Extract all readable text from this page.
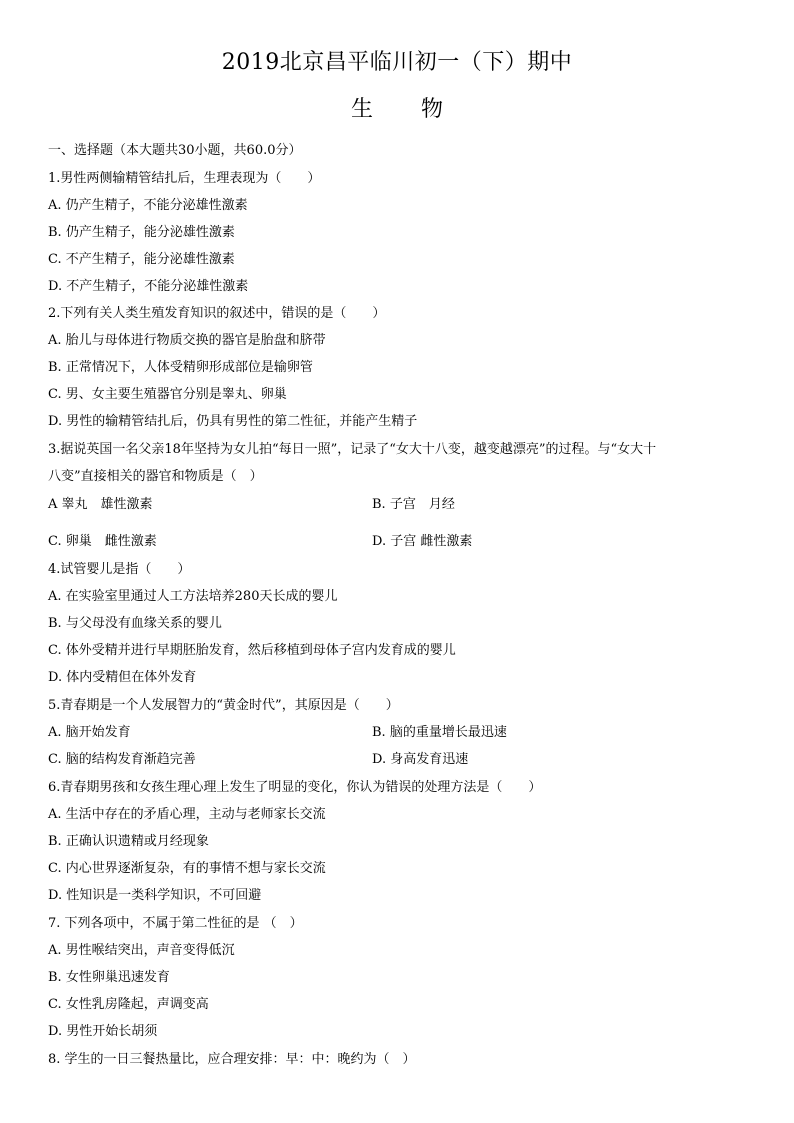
2019北京昌平临川初一（下）期中
生 物
一、选择题（本大题共30小题，共60.0分）
1.男性两侧输精管结扎后，生理表现为（　　）
A. 仍产生精子，不能分泌雄性激素
B. 仍产生精子，能分泌雄性激素
C. 不产生精子，能分泌雄性激素
D. 不产生精子，不能分泌雄性激素
2.下列有关人类生殖发育知识的叙述中，错误的是（　　）
A. 胎儿与母体进行物质交换的器官是胎盘和脐带
B. 正常情况下，人体受精卵形成部位是输卵管
C. 男、女主要生殖器官分别是睾丸、卵巢
D. 男性的输精管结扎后，仍具有男性的第二性征，并能产生精子
3.据说英国一名父亲18年坚持为女儿拍“每日一照”，记录了“女大十八变，越变越漂亮”的过程。与“女大十
八变”直接相关的器官和物质是（　）
A 睾丸　雄性激素	B. 子宫　月经
C. 卵巢　雌性激素	D. 子宫 雌性激素
4.试管婴儿是指（　　）
A. 在实验室里通过人工方法培养280天长成的婴儿
B. 与父母没有血缘关系的婴儿
C. 体外受精并进行早期胚胎发育，然后移植到母体子宫内发育成的婴儿
D. 体内受精但在体外发育
5.青春期是一个人发展智力的“黄金时代”，其原因是（　　）
A. 脑开始发育	B. 脑的重量增长最迅速
C. 脑的结构发育渐趋完善	D. 身高发育迅速
6.青春期男孩和女孩生理心理上发生了明显的变化，你认为错误的处理方法是（　　）
A. 生活中存在的矛盾心理，主动与老师家长交流
B. 正确认识遗精或月经现象
C. 内心世界逐渐复杂，有的事情不想与家长交流
D. 性知识是一类科学知识，不可回避
7. 下列各项中，不属于第二性征的是 （　）
A. 男性喉结突出，声音变得低沉
B. 女性卵巢迅速发育
C. 女性乳房隆起，声调变高
D. 男性开始长胡须
8. 学生的一日三餐热量比，应合理安排：早：中：晚约为（　）
